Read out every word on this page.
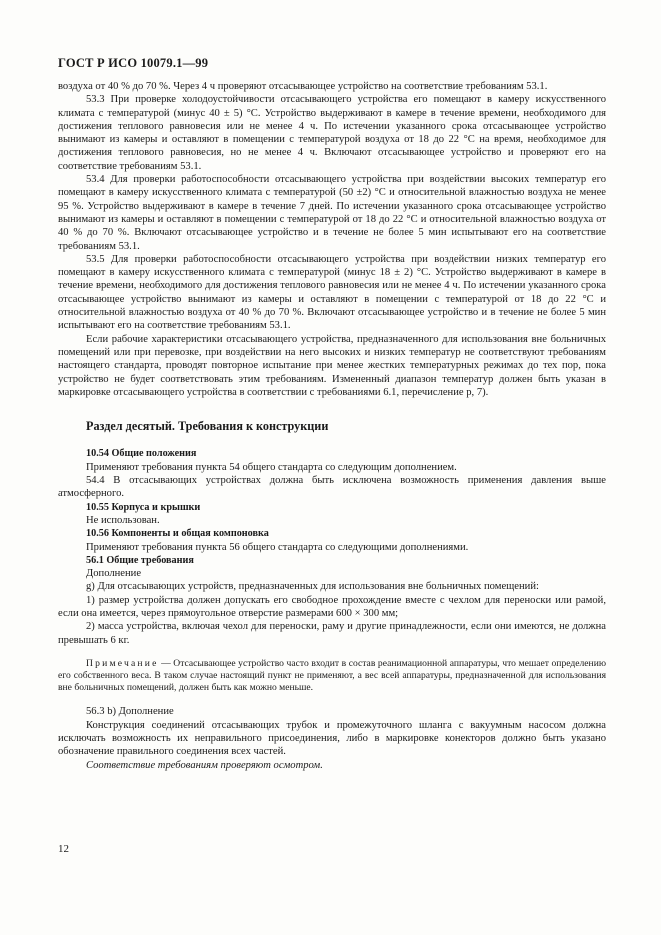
ГОСТ Р ИСО 10079.1—99

воздуха от 40 % до 70 %. Через 4 ч проверяют отсасывающее устройство на соответствие требованиям 53.1.

53.3 При проверке холодоустойчивости отсасывающего устройства его помещают в камеру искусственного климата с температурой (минус 40 ± 5) °С. Устройство выдерживают в камере в течение времени, необходимого для достижения теплового равновесия или не менее 4 ч. По истечении указанного срока отсасывающее устройство вынимают из камеры и оставляют в помещении с температурой воздуха от 18 до 22 °С на время, необходимое для достижения теплового равновесия, но не менее 4 ч. Включают отсасывающее устройство и проверяют его на соответствие требованиям 53.1.

53.4 Для проверки работоспособности отсасывающего устройства при воздействии высоких температур его помещают в камеру искусственного климата с температурой (50 ±2) °С и относительной влажностью воздуха не менее 95 %. Устройство выдерживают в камере в течение 7 дней. По истечении указанного срока отсасывающее устройство вынимают из камеры и оставляют в помещении с температурой от 18 до 22 °С и относительной влажностью воздуха от 40 % до 70 %. Включают отсасывающее устройство и в течение не более 5 мин испытывают его на соответствие требованиям 53.1.

53.5 Для проверки работоспособности отсасывающего устройства при воздействии низких температур его помещают в камеру искусственного климата с температурой (минус 18 ± 2) °С. Устройство выдерживают в камере в течение времени, необходимого для достижения теплового равновесия или не менее 4 ч. По истечении указанного срока отсасывающее устройство вынимают из камеры и оставляют в помещении с температурой от 18 до 22 °С и относительной влажностью воздуха от 40 % до 70 %. Включают отсасывающее устройство и в течение не более 5 мин испытывают его на соответствие требованиям 53.1.

Если рабочие характеристики отсасывающего устройства, предназначенного для использования вне больничных помещений или при перевозке, при воздействии на него высоких и низких температур не соответствуют требованиям настоящего стандарта, проводят повторное испытание при менее жестких температурных режимах до тех пор, пока устройство не будет соответствовать этим требованиям. Измененный диапазон температур должен быть указан в маркировке отсасывающего устройства в соответствии с требованиями 6.1, перечисление р, 7).

Раздел десятый. Требования к конструкции

10.54 Общие положения

Применяют требования пункта 54 общего стандарта со следующим дополнением.

54.4 В отсасывающих устройствах должна быть исключена возможность применения давления выше атмосферного.

10.55 Корпуса и крышки

Не использован.

10.56 Компоненты и общая компоновка

Применяют требования пункта 56 общего стандарта со следующими дополнениями.

56.1 Общие требования

Дополнение

g) Для отсасывающих устройств, предназначенных для использования вне больничных помещений:

1) размер устройства должен допускать его свободное прохождение вместе с чехлом для переноски или рамой, если она имеется, через прямоугольное отверстие размерами 600 × 300 мм;

2) масса устройства, включая чехол для переноски, раму и другие принадлежности, если они имеются, не должна превышать 6 кг.

Примечание — Отсасывающее устройство часто входит в состав реанимационной аппаратуры, что мешает определению его собственного веса. В таком случае настоящий пункт не применяют, а вес всей аппаратуры, предназначенной для использования вне больничных помещений, должен быть как можно меньше.

56.3 b) Дополнение

Конструкция соединений отсасывающих трубок и промежуточного шланга с вакуумным насосом должна исключать возможность их неправильного присоединения, либо в маркировке конекторов должно быть указано обозначение правильного соединения всех частей.

Соответствие требованиям проверяют осмотром.

12
